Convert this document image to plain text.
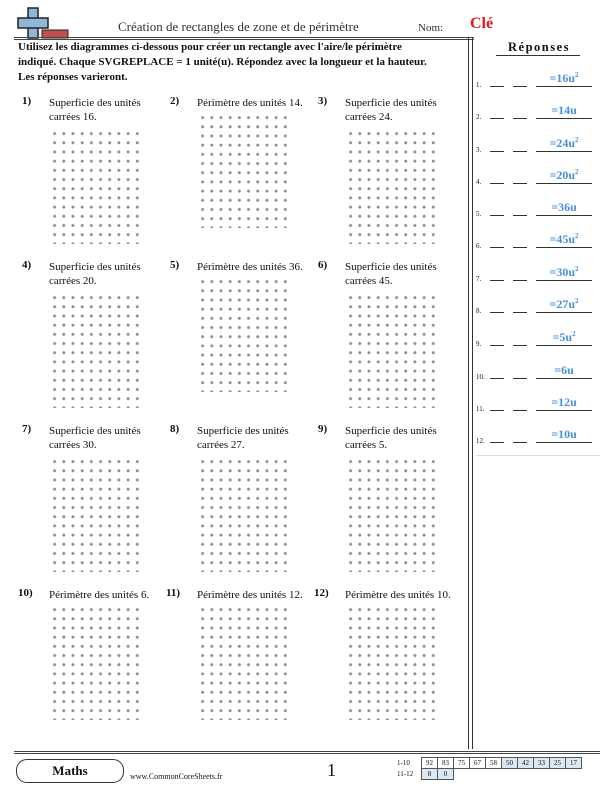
Création de rectangles de zone et de périmètre	Nom: Clé
Utilisez les diagrammes ci-dessous pour créer un rectangle avec l'aire/le périmètre indiqué. Chaque SVGREPLACE = 1 unité(u). Répondez avec la longueur et la hauteur. Les réponses varieront.
1) Superficie des unités carrées 16.
2) Périmètre des unités 14.	3) Superficie des unités carrées 24.
4) Superficie des unités carrées 20.
5) Périmètre des unités 36.	6) Superficie des unités carrées 45.
7) Superficie des unités carrées 30.
8) Superficie des unités carrées 27.
9) Superficie des unités carrées 5.
10) Périmètre des unités 6.	11) Périmètre des unités 12.	12) Périmètre des unités 10.
Réponses
1.	$=16u^2$
2.	=14u
3.	$=24u^2$
4.	$=20u^2$
5.	=36u
6.	$=45u^2$
7.	$=30u^2$
8.	$=27u^2$
9.	$=5u^2$
10.	=6u
11.	=12u
12.	=10u
Maths	www.CommonCoreSheets.fr	1	1-10	92	83	75	67	58	50	42	33	25	17
11-12	8	0								
